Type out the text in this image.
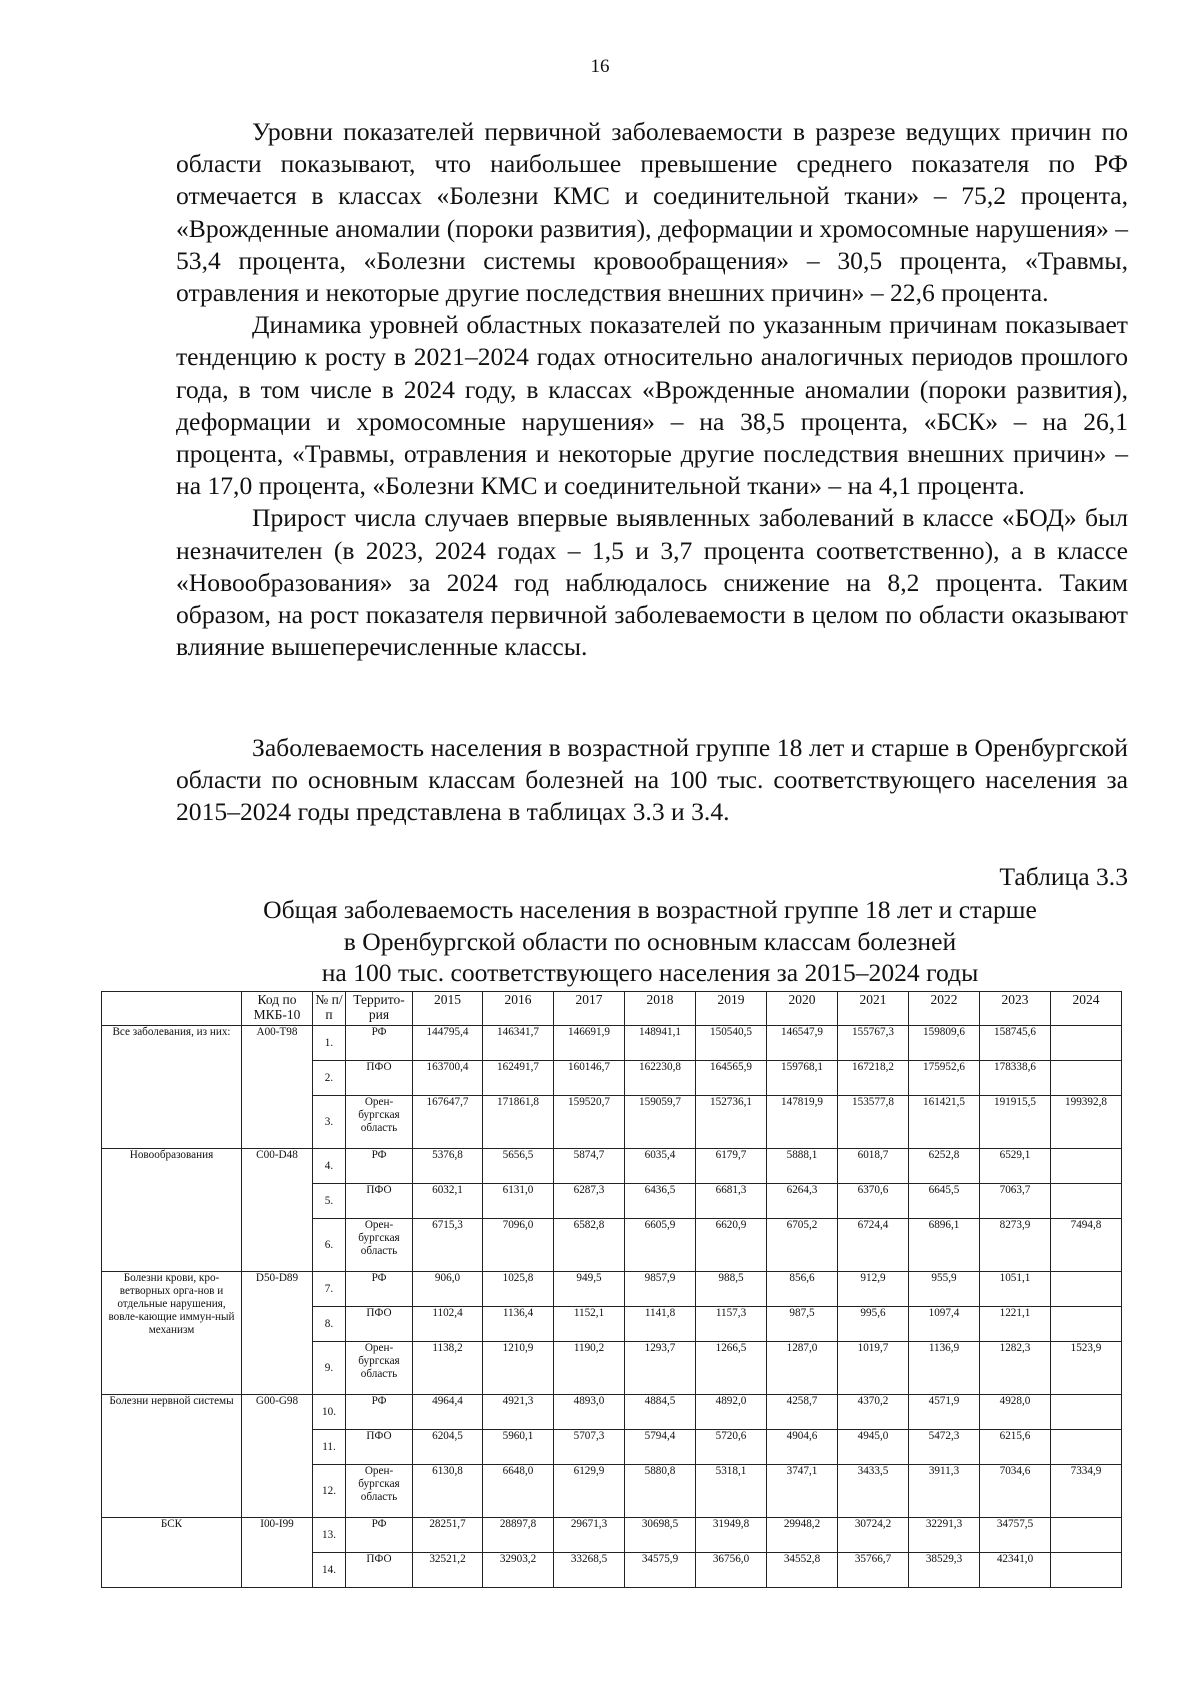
16

Уровни показателей первичной заболеваемости в разрезе ведущих причин по области показывают, что наибольшее превышение среднего показателя по РФ отмечается в классах «Болезни КМС и соединительной ткани» – 75,2 процента, «Врожденные аномалии (пороки развития), деформации и хромосомные нарушения» – 53,4 процента, «Болезни системы кровообращения» – 30,5 процента, «Травмы, отравления и некоторые другие последствия внешних причин» – 22,6 процента.

Динамика уровней областных показателей по указанным причинам показывает тенденцию к росту в 2021–2024 годах относительно аналогичных периодов прошлого года, в том числе в 2024 году, в классах «Врожденные аномалии (пороки развития), деформации и хромосомные нарушения» – на 38,5 процента, «БСК» – на 26,1 процента, «Травмы, отравления и некоторые другие последствия внешних причин» – на 17,0 процента, «Болезни КМС и соединительной ткани» – на 4,1 процента.

Прирост числа случаев впервые выявленных заболеваний в классе «БОД» был незначителен (в 2023, 2024 годах – 1,5 и 3,7 процента соответственно), а в классе «Новообразования» за 2024 год наблюдалось снижение на 8,2 процента. Таким образом, на рост показателя первичной заболеваемости в целом по области оказывают влияние вышеперечисленные классы.

Заболеваемость населения в возрастной группе 18 лет и старше в Оренбургской области по основным классам болезней на 100 тыс. соответствующего населения за 2015–2024 годы представлена в таблицах 3.3 и 3.4.

Таблица 3.3
Общая заболеваемость населения в возрастной группе 18 лет и старше
в Оренбургской области по основным классам болезней
на 100 тыс. соответствующего населения за 2015–2024 годы
	Код по МКБ-10	№ п/п	Террито-рия	2015	2016	2017	2018	2019	2020	2021	2022	2023	2024
Все заболевания, из них:	A00-T98	1.	РФ	144795,4	146341,7	146691,9	148941,1	150540,5	146547,9	155767,3	159809,6	158745,6	
		2.	ПФО	163700,4	162491,7	160146,7	162230,8	164565,9	159768,1	167218,2	175952,6	178338,6	
		3.	Орен-бургская область	167647,7	171861,8	159520,7	159059,7	152736,1	147819,9	153577,8	161421,5	191915,5	199392,8
Новообразования	C00-D48	4.	РФ	5376,8	5656,5	5874,7	6035,4	6179,7	5888,1	6018,7	6252,8	6529,1	
		5.	ПФО	6032,1	6131,0	6287,3	6436,5	6681,3	6264,3	6370,6	6645,5	7063,7	
		6.	Орен-бургская область	6715,3	7096,0	6582,8	6605,9	6620,9	6705,2	6724,4	6896,1	8273,9	7494,8
Болезни крови, кро-ветворных орга-нов и отдельные нарушения, вовле-кающие иммун-ный механизм	D50-D89	7.	РФ	906,0	1025,8	949,5	9857,9	988,5	856,6	912,9	955,9	1051,1	
		8.	ПФО	1102,4	1136,4	1152,1	1141,8	1157,3	987,5	995,6	1097,4	1221,1	
		9.	Орен-бургская область	1138,2	1210,9	1190,2	1293,7	1266,5	1287,0	1019,7	1136,9	1282,3	1523,9
Болезни нервной системы	G00-G98	10.	РФ	4964,4	4921,3	4893,0	4884,5	4892,0	4258,7	4370,2	4571,9	4928,0	
		11.	ПФО	6204,5	5960,1	5707,3	5794,4	5720,6	4904,6	4945,0	5472,3	6215,6	
		12.	Орен-бургская область	6130,8	6648,0	6129,9	5880,8	5318,1	3747,1	3433,5	3911,3	7034,6	7334,9
БСК	I00-I99	13.	РФ	28251,7	28897,8	29671,3	30698,5	31949,8	29948,2	30724,2	32291,3	34757,5	
		14.	ПФО	32521,2	32903,2	33268,5	34575,9	36756,0	34552,8	35766,7	38529,3	42341,0	
